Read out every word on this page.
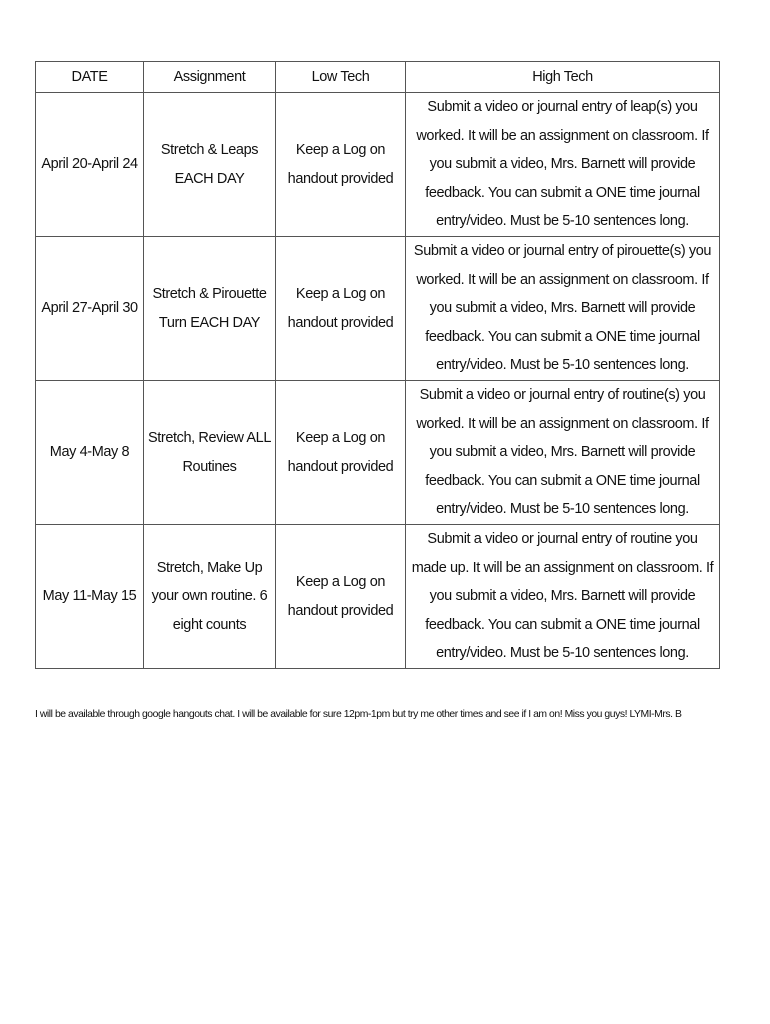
DATE	Assignment	Low Tech	High Tech
April 20-April 24	Stretch & Leaps EACH DAY	Keep a Log on handout provided	Submit a video or journal entry of leap(s) you worked. It will be an assignment on classroom. If you submit a video, Mrs. Barnett will provide feedback. You can submit a ONE time journal entry/video. Must be 5-10 sentences long.
April 27-April 30	Stretch & Pirouette Turn EACH DAY	Keep a Log on handout provided	Submit a video or journal entry of pirouette(s) you worked. It will be an assignment on classroom. If you submit a video, Mrs. Barnett will provide feedback. You can submit a ONE time journal entry/video. Must be 5-10 sentences long.
May 4-May 8	Stretch, Review ALL Routines	Keep a Log on handout provided	Submit a video or journal entry of routine(s) you worked. It will be an assignment on classroom. If you submit a video, Mrs. Barnett will provide feedback. You can submit a ONE time journal entry/video. Must be 5-10 sentences long.
May 11-May 15	Stretch, Make Up your own routine. 6 eight counts	Keep a Log on handout provided	Submit a video or journal entry of routine you made up. It will be an assignment on classroom. If you submit a video, Mrs. Barnett will provide feedback. You can submit a ONE time journal entry/video. Must be 5-10 sentences long.
I will be available through google hangouts chat. I will be available for sure 12pm-1pm but try me other times and see if I am on! Miss you guys! LYMI-Mrs. B
